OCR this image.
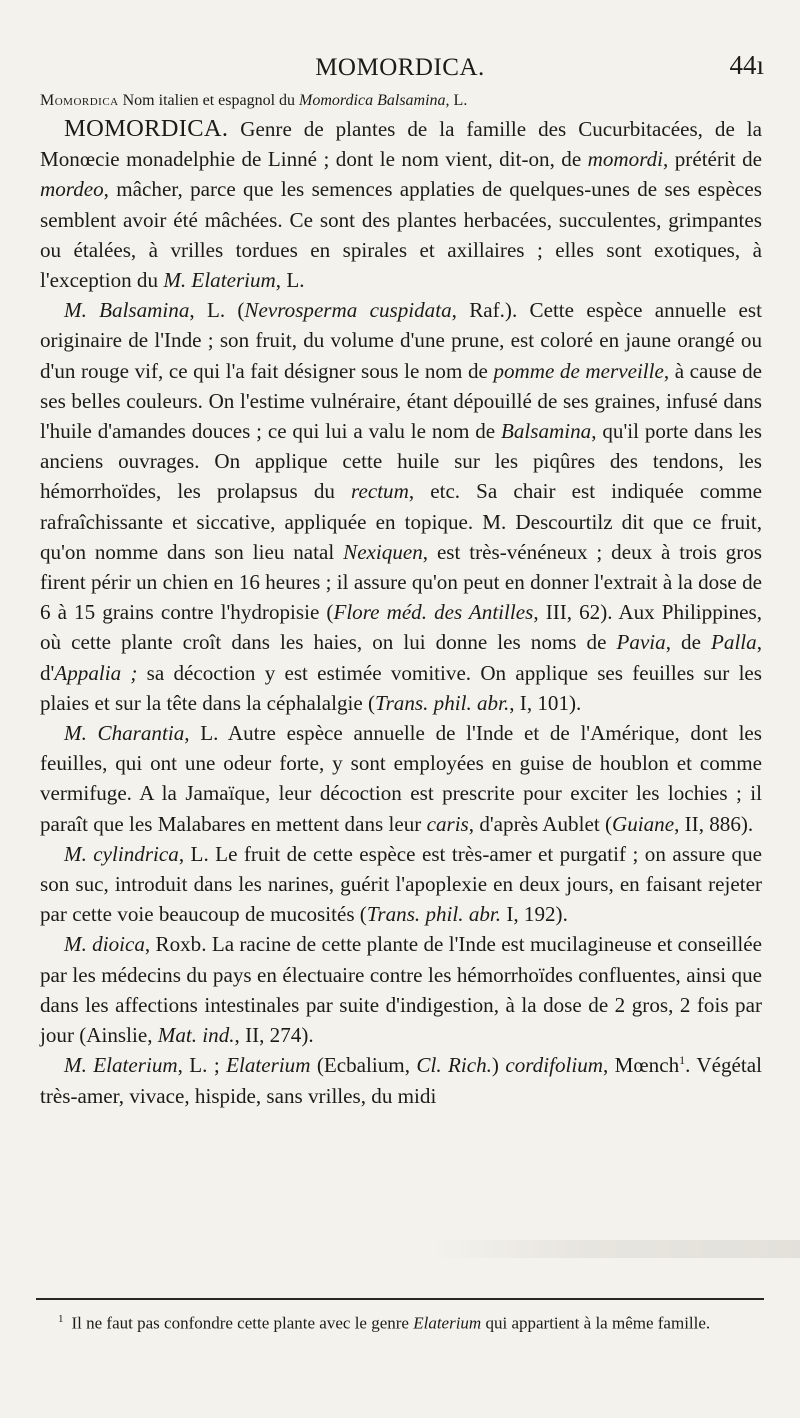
MOMORDICA.	44ı

Momordica Nom italien et espagnol du Momordica Balsamina, L.

MOMORDICA. Genre de plantes de la famille des Cucurbitacées, de la Monœcie monadelphie de Linné ; dont le nom vient, dit-on, de momordi, prétérit de mordeo, mâcher, parce que les semences applaties de quelques-unes de ses espèces semblent avoir été mâchées. Ce sont des plantes herbacées, succulentes, grimpantes ou étalées, à vrilles tordues en spirales et axillaires ; elles sont exotiques, à l'exception du M. Elaterium, L.

M. Balsamina, L. (Nevrosperma cuspidata, Raf.). Cette espèce annuelle est originaire de l'Inde ; son fruit, du volume d'une prune, est coloré en jaune orangé ou d'un rouge vif, ce qui l'a fait désigner sous le nom de pomme de merveille, à cause de ses belles couleurs. On l'estime vulnéraire, étant dépouillé de ses graines, infusé dans l'huile d'amandes douces ; ce qui lui a valu le nom de Balsamina, qu'il porte dans les anciens ouvrages. On applique cette huile sur les piqûres des tendons, les hémorrhoïdes, les prolapsus du rectum, etc. Sa chair est indiquée comme rafraîchissante et siccative, appliquée en topique. M. Descourtilz dit que ce fruit, qu'on nomme dans son lieu natal Nexiquen, est très-vénéneux ; deux à trois gros firent périr un chien en 16 heures ; il assure qu'on peut en donner l'extrait à la dose de 6 à 15 grains contre l'hydropisie (Flore méd. des Antilles, III, 62). Aux Philippines, où cette plante croît dans les haies, on lui donne les noms de Pavia, de Palla, d'Appalia ; sa décoction y est estimée vomitive. On applique ses feuilles sur les plaies et sur la tête dans la céphalalgie (Trans. phil. abr., I, 101).

M. Charantia, L. Autre espèce annuelle de l'Inde et de l'Amérique, dont les feuilles, qui ont une odeur forte, y sont employées en guise de houblon et comme vermifuge. A la Jamaïque, leur décoction est prescrite pour exciter les lochies ; il paraît que les Malabares en mettent dans leur caris, d'après Aublet (Guiane, II, 886).

M. cylindrica, L. Le fruit de cette espèce est très-amer et purgatif ; on assure que son suc, introduit dans les narines, guérit l'apoplexie en deux jours, en faisant rejeter par cette voie beaucoup de mucosités (Trans. phil. abr. I, 192).

M. dioica, Roxb. La racine de cette plante de l'Inde est mucilagineuse et conseillée par les médecins du pays en électuaire contre les hémorrhoïdes confluentes, ainsi que dans les affections intestinales par suite d'indigestion, à la dose de 2 gros, 2 fois par jour (Ainslie, Mat. ind., II, 274).

M. Elaterium, L. ; Elaterium (Ecbalium, Cl. Rich.) cordifolium, Mœnch$^1$. Végétal très-amer, vivace, hispide, sans vrilles, du midi

$^1$ Il ne faut pas confondre cette plante avec le genre Elaterium qui appartient à la même famille.
